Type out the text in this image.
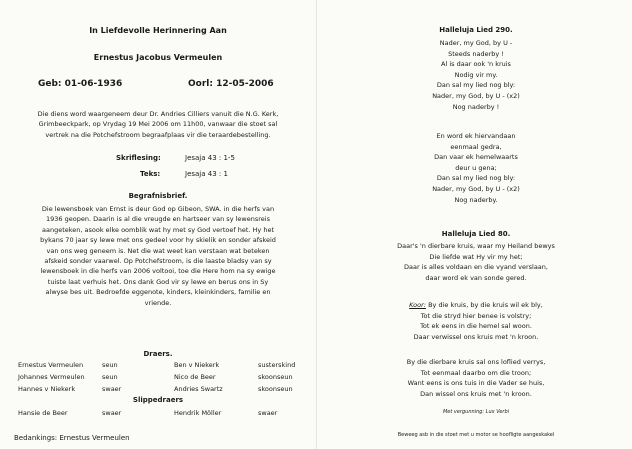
In Liefdevolle Herinnering Aan
Ernestus Jacobus Vermeulen
Geb: 01-06-1936	Oorl: 12-05-2006
Die diens word waargeneem deur Dr. Andries Cilliers vanuit die N.G. Kerk,
Grimbeeckpark, op Vrydag 19 Mei 2006 om 11h00, vanwaar die stoet sal
vertrek na die Potchefstroom begraafplaas vir die teraardebestelling.
Skriflesing:	Jesaja 43 : 1-5
Teks:	Jesaja 43 : 1
Begrafnisbrief.
Die lewensboek van Ernst is deur God op Gibeon, SWA. in die herfs van
1936 geopen. Daarin is al die vreugde en hartseer van sy lewensreis
aangeteken, asook elke oomblik wat hy met sy God vertoef het. Hy het
bykans 70 jaar sy lewe met ons gedeel voor hy skielik en sonder afskeid
van ons weg geneem is. Net die wat weet kan verstaan wat beteken
afskeid sonder vaarwel. Op Potchefstroom, is die laaste bladsy van sy
lewensboek in die herfs van 2006 voltooi, toe die Here hom na sy ewige
tuiste laat verhuis het. Ons dank God vir sy lewe en berus ons in Sy
alwyse bes uit. Bedroefde eggenote, kinders, kleinkinders, familie en
vriende.
Draers.
Ernestus Vermeulen	seun	Ben v Niekerk	susterskind
Johannes Vermeulen	seun	Nico de Beer	skoonseun
Hannes v Niekerk	swaer	Andries Swartz	skoonseun
Slippedraers
Hansie de Beer	swaer	Hendrik Möller	swaer
Bedankings: Ernestus Vermeulen
Halleluja Lied 290.
Nader, my God, by U -
Steeds naderby !
Al is daar ook 'n kruis
Nodig vir my.
Dan sal my lied nog bly:
Nader, my God, by U - (x2)
Nog naderby !
En word ek hiervandaan
eenmaal gedra,
Dan vaar ek hemelwaarts
deur u gena;
Dan sal my lied nog bly:
Nader, my God, by U - (x2)
Nog naderby.
Halleluja Lied 80.
Daar's 'n dierbare kruis, waar my Heiland bewys
Die liefde wat Hy vir my het;
Daar is alles voldaan en die vyand verslaan,
daar word ek van sonde gered.
Koor: By die kruis, by die kruis wil ek bly,
Tot die stryd hier benee is volstry;
Tot ek eens in die hemel sal woon.
Daar verwissel ons kruis met 'n kroon.
By die dierbare kruis sal ons loflied verrys,
Tot eenmaal daarbo om die troon;
Want eens is ons tuis in die Vader se huis,
Dan wissel ons kruis met 'n kroon.
Met vergunning: Lux Verbi
Beweeg asb in die stoet met u motor se hoofligte aangeskakel
